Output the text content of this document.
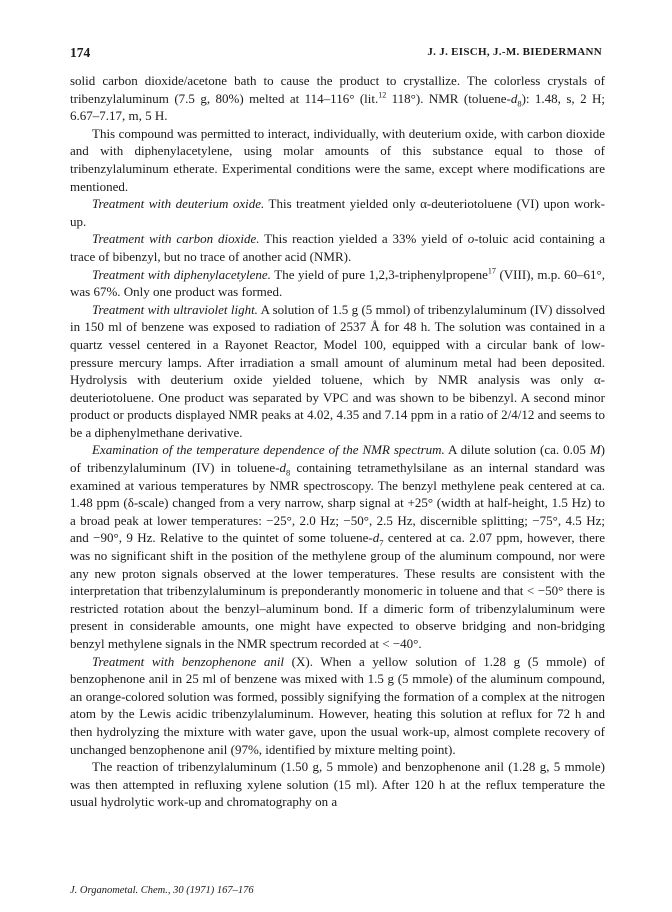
174	J. J. EISCH, J.-M. BIEDERMANN

solid carbon dioxide/acetone bath to cause the product to crystallize. The colorless crystals of tribenzylaluminum (7.5 g, 80%) melted at 114–116° (lit.$^{12}$ 118°). NMR $(toluene-d_8)$: 1.48, s, 2 H; 6.67–7.17, m, 5 H.

This compound was permitted to interact, individually, with deuterium oxide, with carbon dioxide and with diphenylacetylene, using molar amounts of this substance equal to those of tribenzylaluminum etherate. Experimental conditions were the same, except where modifications are mentioned.

Treatment with deuterium oxide. This treatment yielded only α-deuteriotoluene (VI) upon work-up.

Treatment with carbon dioxide. This reaction yielded a 33% yield of o-toluic acid containing a trace of bibenzyl, but no trace of another acid (NMR).

Treatment with diphenylacetylene. The yield of pure 1,2,3-triphenylpropene$^{17}$ (VIII), m.p. 60–61°, was 67%. Only one product was formed.

Treatment with ultraviolet light. A solution of 1.5 g (5 mmol) of tribenzylaluminum (IV) dissolved in 150 ml of benzene was exposed to radiation of 2537 Å for 48 h. The solution was contained in a quartz vessel centered in a Rayonet Reactor, Model 100, equipped with a circular bank of low-pressure mercury lamps. After irradiation a small amount of aluminum metal had been deposited. Hydrolysis with deuterium oxide yielded toluene, which by NMR analysis was only α-deuteriotoluene. One product was separated by VPC and was shown to be bibenzyl. A second minor product or products displayed NMR peaks at 4.02, 4.35 and 7.14 ppm in a ratio of 2/4/12 and seems to be a diphenylmethane derivative.

Examination of the temperature dependence of the NMR spectrum. A dilute solution (ca. 0.05 M) of tribenzylaluminum (IV) in toluene-$d_8$ containing tetramethylsilane as an internal standard was examined at various temperatures by NMR spectroscopy. The benzyl methylene peak centered at ca. 1.48 ppm (δ-scale) changed from a very narrow, sharp signal at +25° (width at half-height, 1.5 Hz) to a broad peak at lower temperatures: −25°, 2.0 Hz; −50°, 2.5 Hz, discernible splitting; −75°, 4.5 Hz; and −90°, 9 Hz. Relative to the quintet of some toluene-$d_7$ centered at ca. 2.07 ppm, however, there was no significant shift in the position of the methylene group of the aluminum compound, nor were any new proton signals observed at the lower temperatures. These results are consistent with the interpretation that tribenzylaluminum is preponderantly monomeric in toluene and that < −50° there is restricted rotation about the benzyl–aluminum bond. If a dimeric form of tribenzylaluminum were present in considerable amounts, one might have expected to observe bridging and non-bridging benzyl methylene signals in the NMR spectrum recorded at < −40°.

Treatment with benzophenone anil (X). When a yellow solution of 1.28 g (5 mmole) of benzophenone anil in 25 ml of benzene was mixed with 1.5 g (5 mmole) of the aluminum compound, an orange-colored solution was formed, possibly signifying the formation of a complex at the nitrogen atom by the Lewis acidic tribenzylaluminum. However, heating this solution at reflux for 72 h and then hydrolyzing the mixture with water gave, upon the usual work-up, almost complete recovery of unchanged benzophenone anil (97%, identified by mixture melting point).

The reaction of tribenzylaluminum (1.50 g, 5 mmole) and benzophenone anil (1.28 g, 5 mmole) was then attempted in refluxing xylene solution (15 ml). After 120 h at the reflux temperature the usual hydrolytic work-up and chromatography on a

J. Organometal. Chem., 30 (1971) 167–176
